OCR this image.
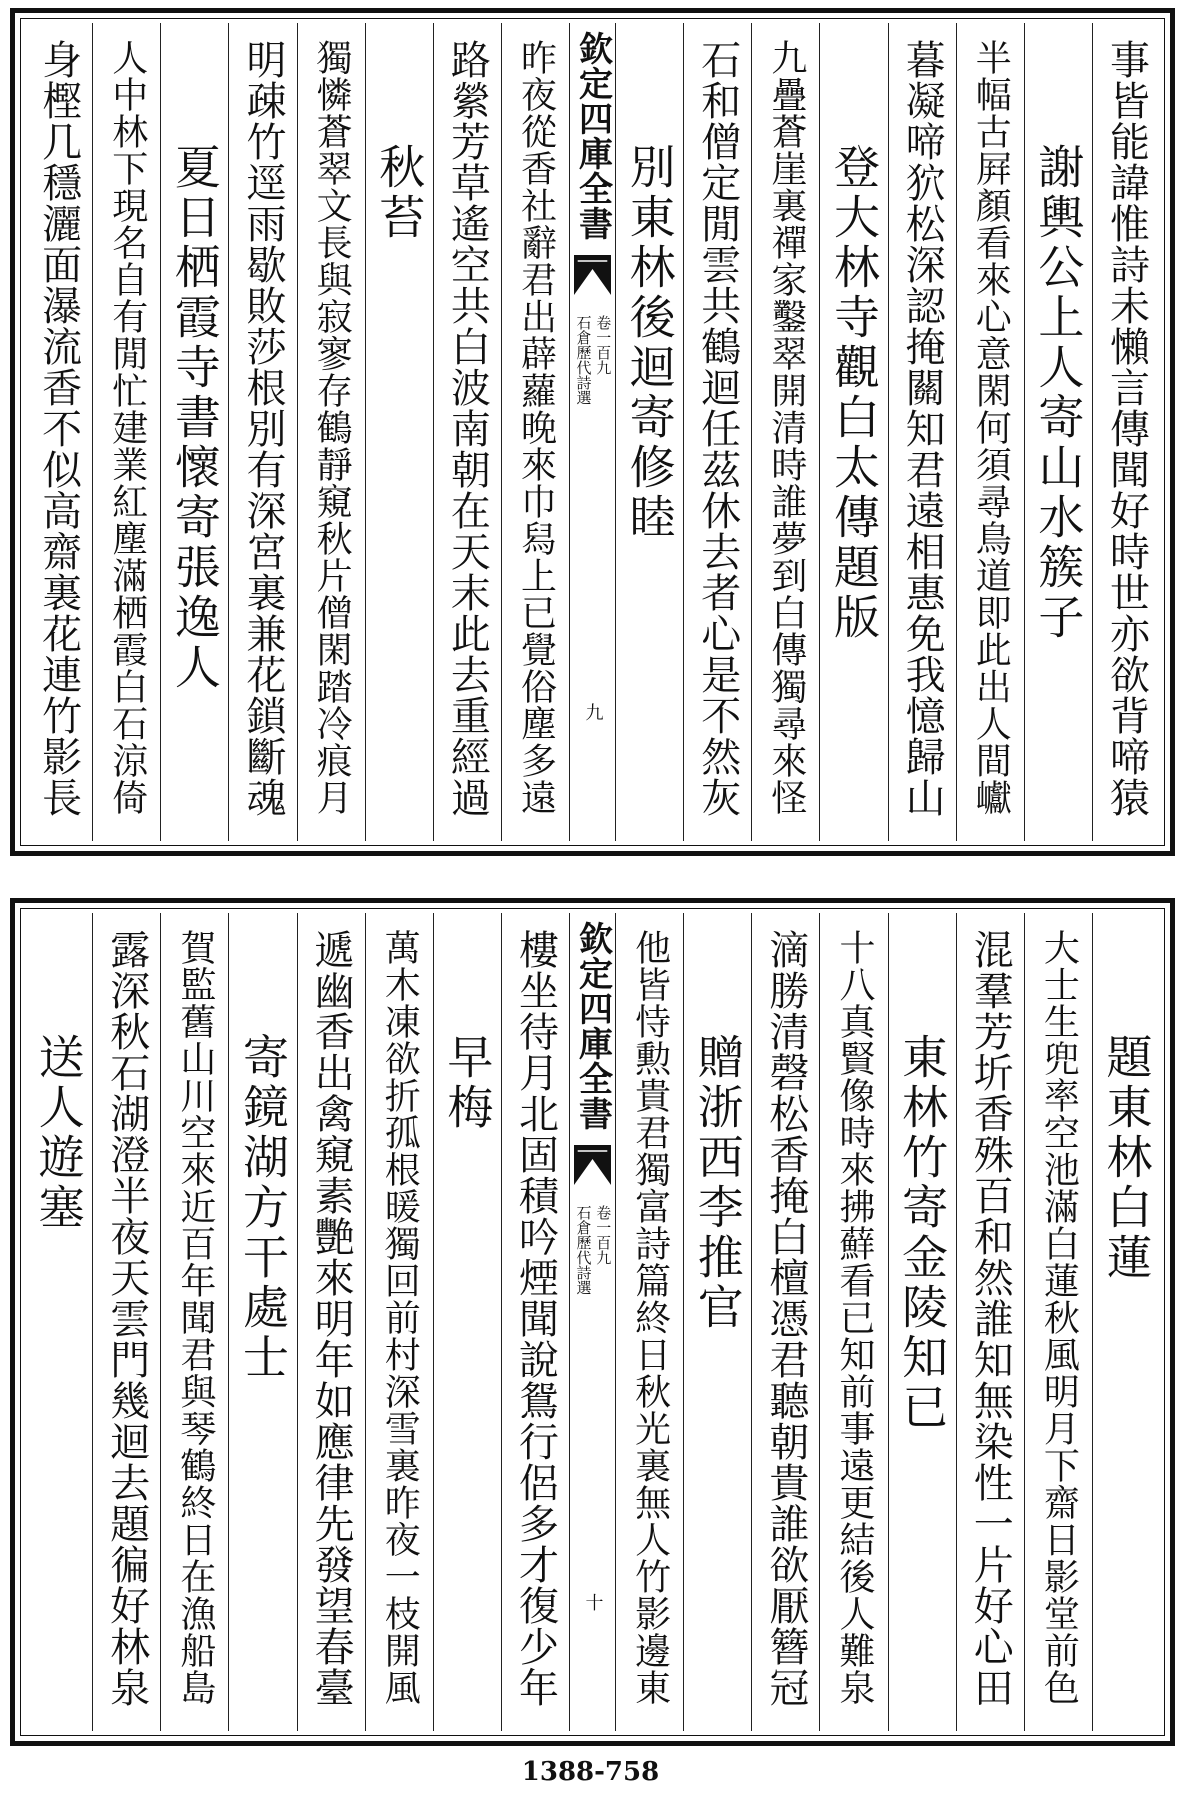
事皆能諱惟詩未懶言傳聞好時世亦欲背啼猿
謝輿公上人寄山水簇子
半幅古屛顏看來心意閑何須尋鳥道即此出人間巘
暮凝啼狖松深認掩關知君遠相惠免我憶歸山
登大林寺觀白太傳題版
九疊蒼崖裏禪家鑿翠開清時誰夢到白傳獨尋來怪
石和僧定閒雲共鶴迴任茲休去者心是不然灰
別東林後迴寄修睦
欽定四庫全書
石倉歷代詩選 卷一百九
九
昨夜從香社辭君出薜蘿晚來巾舄上已覺俗塵多遠
路縈芳草遙空共白波南朝在天末此去重經過
秋苔
獨憐蒼翠文長與寂寥存鶴靜窺秋片僧閑踏冷痕月
明疎竹逕雨歇敗莎根別有深宮裏兼花鎖斷魂
夏日栖霞寺書懷寄張逸人
人中林下現名自有閒忙建業紅塵滿栖霞白石涼倚
身樫几穩灑面瀑流香不似高齋裏花連竹影長
題東林白蓮
大士生兜率空池滿白蓮秋風明月下齋日影堂前色
混羣芳圻香殊百和然誰知無染性一片好心田
東林竹寄金陵知已
十八真賢像時來拂蘚看已知前事遠更結後人難泉
滴勝清磬松香掩白檀憑君聽朝貴誰欲厭簪冠
贈浙西李推官
他皆恃勲貴君獨富詩篇終日秋光裏無人竹影邊東
欽定四庫全書
石倉歷代詩選 卷一百九
十
樓坐待月北固積吟煙聞說鴛行侶多才復少年
早梅
萬木凍欲折孤根暖獨回前村深雪裏昨夜一枝開風
遞幽香出禽窺素艷來明年如應律先發望春臺
寄鏡湖方干處士
賀監舊山川空來近百年聞君與琴鶴終日在漁船島
露深秋石湖澄半夜天雲門幾迴去題徧好林泉
送人遊塞
1388-758
